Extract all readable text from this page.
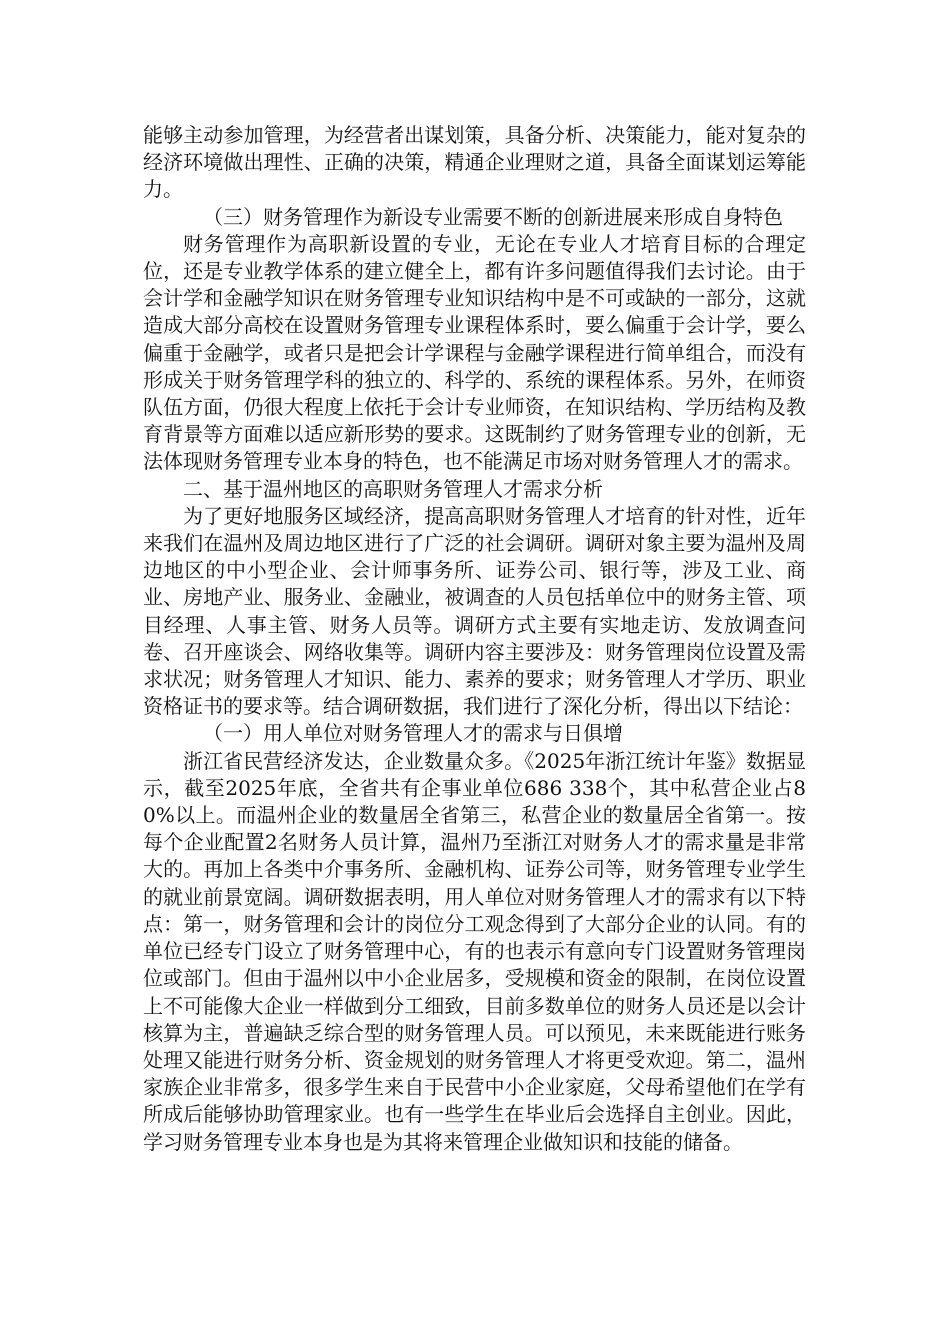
能够主动参加管理，为经营者出谋划策，具备分析、决策能力，能对复杂的经济环境做出理性、正确的决策，精通企业理财之道，具备全面谋划运筹能力。

（三）财务管理作为新设专业需要不断的创新进展来形成自身特色

财务管理作为高职新设置的专业，无论在专业人才培育目标的合理定位，还是专业教学体系的建立健全上，都有许多问题值得我们去讨论。由于会计学和金融学知识在财务管理专业知识结构中是不可或缺的一部分，这就造成大部分高校在设置财务管理专业课程体系时，要么偏重于会计学，要么偏重于金融学，或者只是把会计学课程与金融学课程进行简单组合，而没有形成关于财务管理学科的独立的、科学的、系统的课程体系。另外，在师资队伍方面，仍很大程度上依托于会计专业师资，在知识结构、学历结构及教育背景等方面难以适应新形势的要求。这既制约了财务管理专业的创新，无法体现财务管理专业本身的特色，也不能满足市场对财务管理人才的需求。

二、基于温州地区的高职财务管理人才需求分析

为了更好地服务区域经济，提高高职财务管理人才培育的针对性，近年来我们在温州及周边地区进行了广泛的社会调研。调研对象主要为温州及周边地区的中小型企业、会计师事务所、证券公司、银行等，涉及工业、商业、房地产业、服务业、金融业，被调查的人员包括单位中的财务主管、项目经理、人事主管、财务人员等。调研方式主要有实地走访、发放调查问卷、召开座谈会、网络收集等。调研内容主要涉及：财务管理岗位设置及需求状况；财务管理人才知识、能力、素养的要求；财务管理人才学历、职业资格证书的要求等。结合调研数据，我们进行了深化分析，得出以下结论：

（一）用人单位对财务管理人才的需求与日俱增

浙江省民营经济发达，企业数量众多。《2025年浙江统计年鉴》数据显示，截至2025年底，全省共有企事业单位686 338个，其中私营企业占80%以上。而温州企业的数量居全省第三，私营企业的数量居全省第一。按每个企业配置2名财务人员计算，温州乃至浙江对财务人才的需求量是非常大的。再加上各类中介事务所、金融机构、证券公司等，财务管理专业学生的就业前景宽阔。调研数据表明，用人单位对财务管理人才的需求有以下特点：第一，财务管理和会计的岗位分工观念得到了大部分企业的认同。有的单位已经专门设立了财务管理中心，有的也表示有意向专门设置财务管理岗位或部门。但由于温州以中小企业居多，受规模和资金的限制，在岗位设置上不可能像大企业一样做到分工细致，目前多数单位的财务人员还是以会计核算为主，普遍缺乏综合型的财务管理人员。可以预见，未来既能进行账务处理又能进行财务分析、资金规划的财务管理人才将更受欢迎。第二，温州家族企业非常多，很多学生来自于民营中小企业家庭，父母希望他们在学有所成后能够协助管理家业。也有一些学生在毕业后会选择自主创业。因此，学习财务管理专业本身也是为其将来管理企业做知识和技能的储备。
